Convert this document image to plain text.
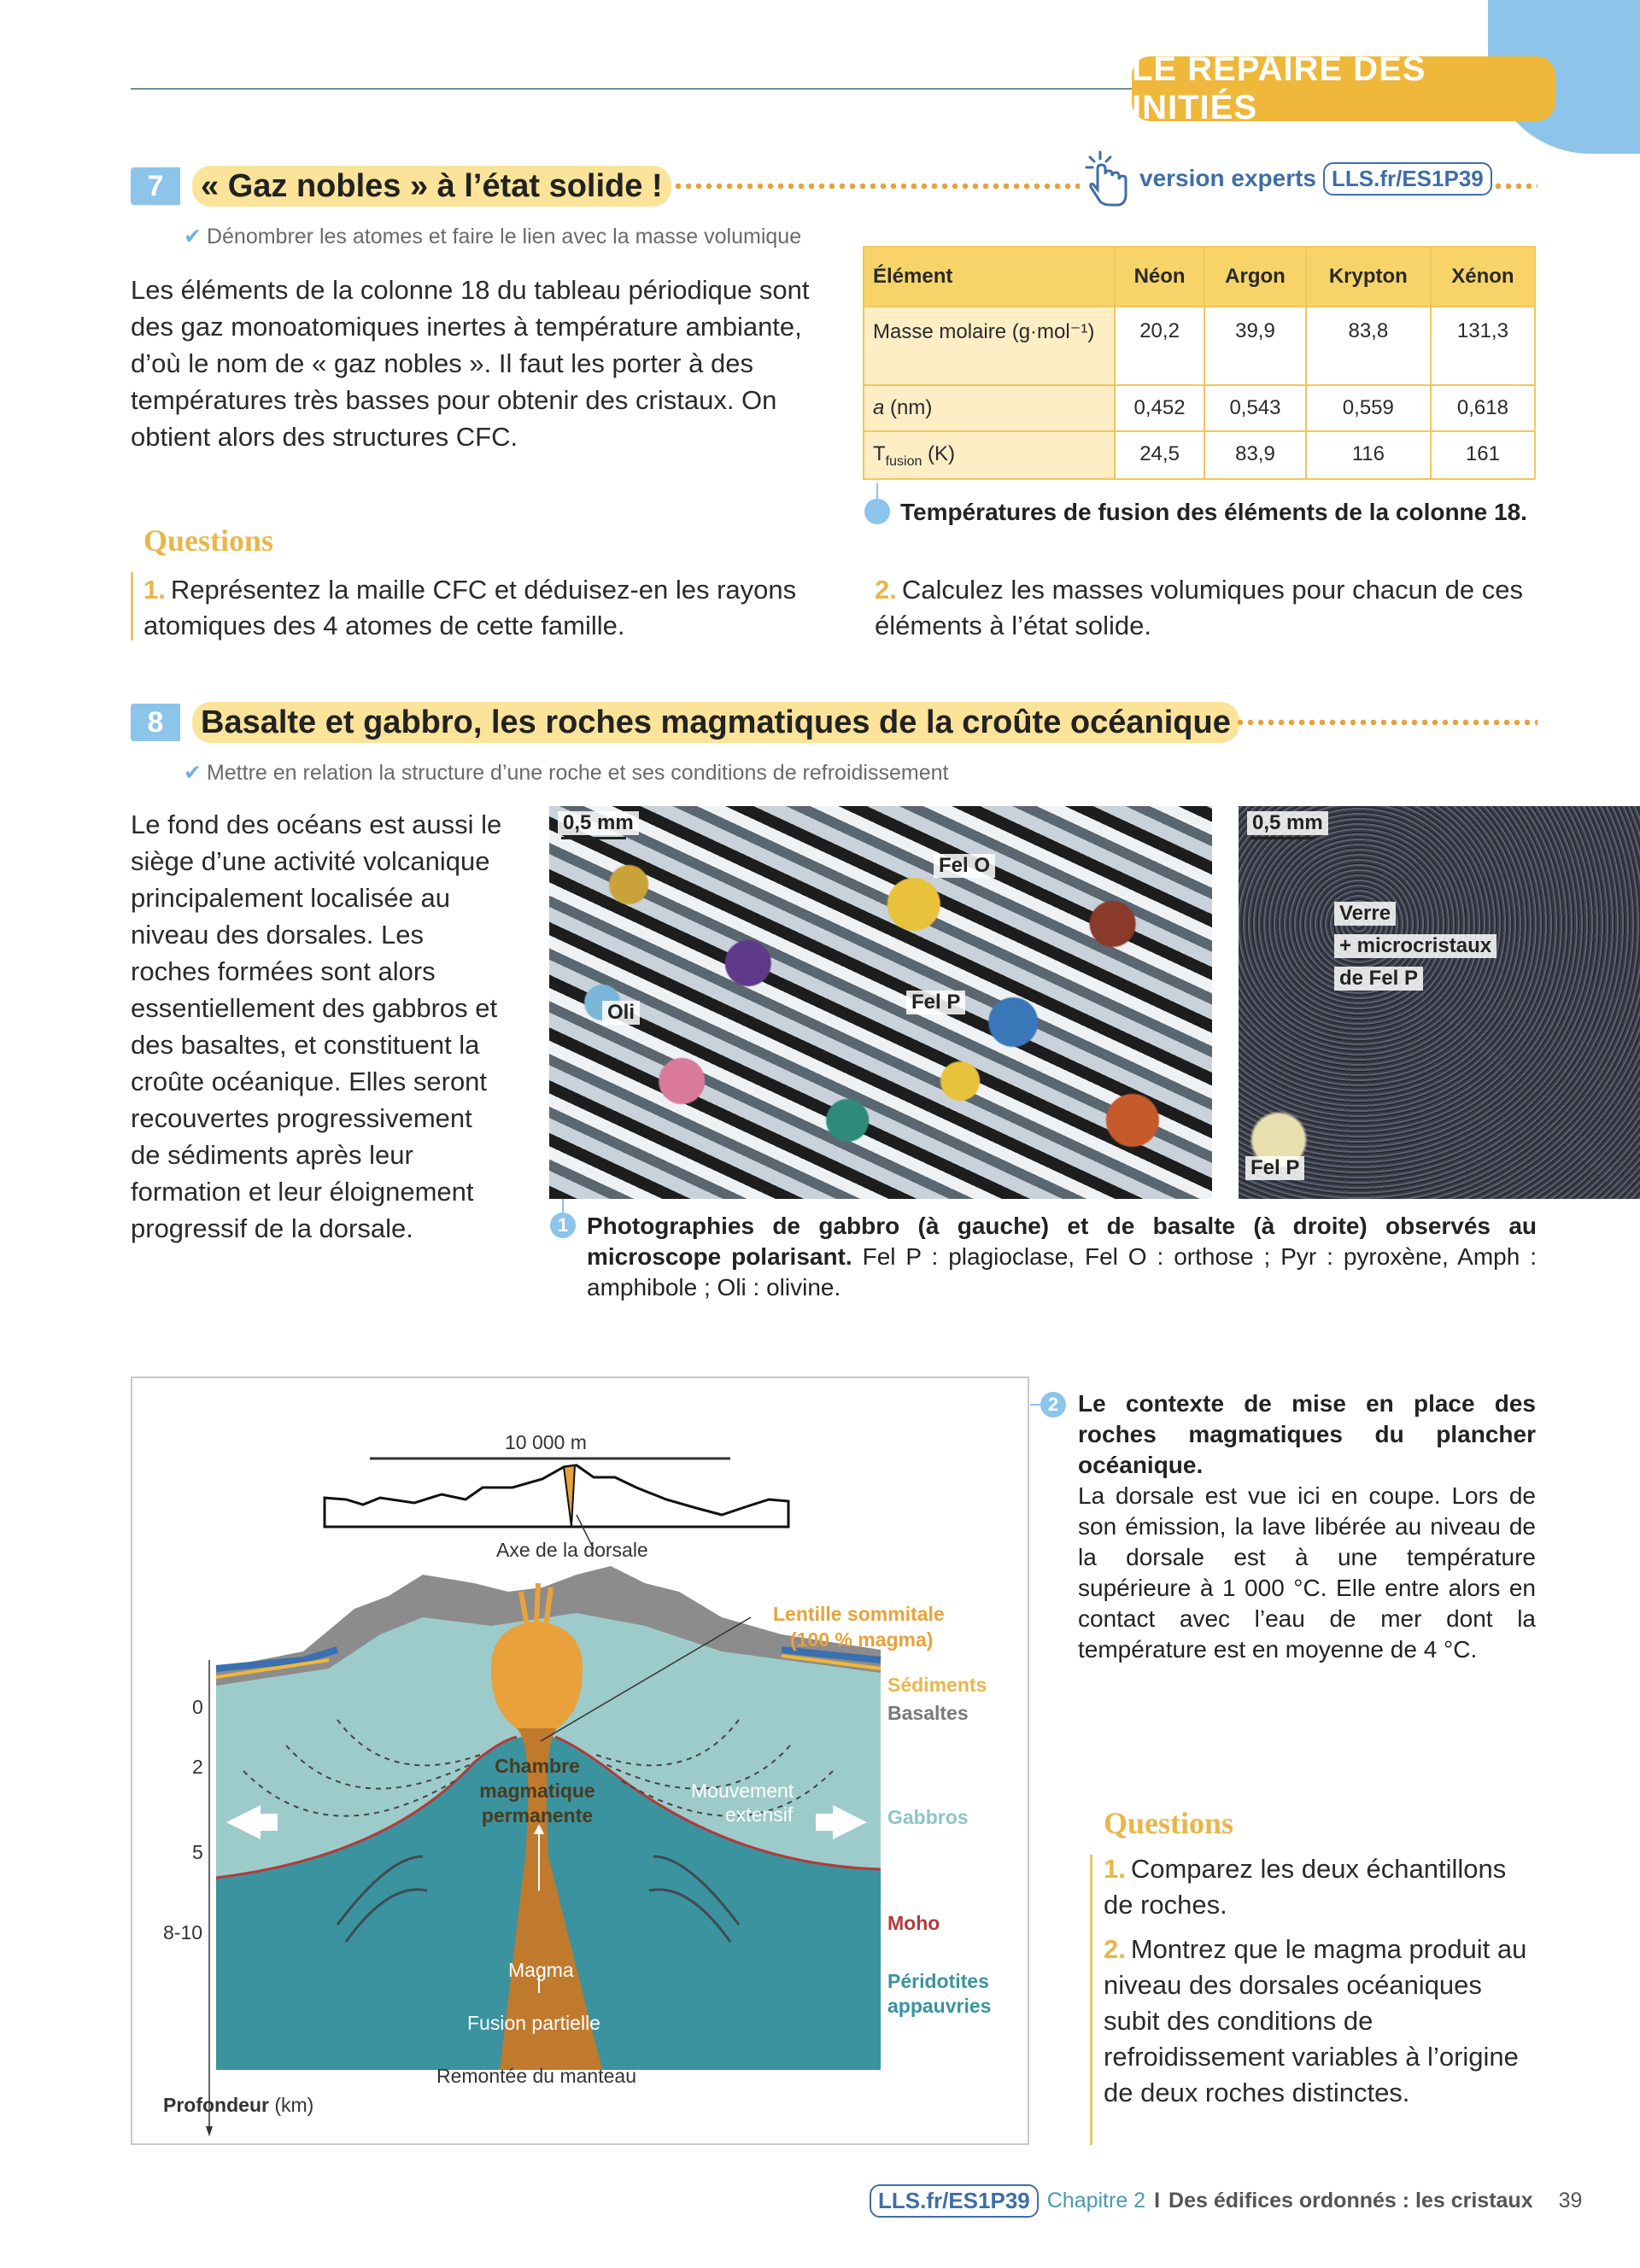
LE REPAIRE DES INITIÉS
7	« Gaz nobles » à l’état solide !	version experts LLS.fr/ES1P39
✔ Dénombrer les atomes et faire le lien avec la masse volumique
Les éléments de la colonne 18 du tableau périodique sont des gaz monoatomiques inertes à température ambiante, d’où le nom de « gaz nobles ». Il faut les porter à des températures très basses pour obtenir des cristaux. On obtient alors des structures CFC.
Élément	Néon	Argon	Krypton	Xénon
Masse molaire (g·mol⁻¹)	20,2	39,9	83,8	131,3
a (nm)	0,452	0,543	0,559	0,618
$T_{fusion}$ (K)	24,5	83,9	116	161
Températures de fusion des éléments de la colonne 18.
Questions
1. Représentez la maille CFC et déduisez-en les rayons atomiques des 4 atomes de cette famille.
2. Calculez les masses volumiques pour chacun de ces éléments à l’état solide.
8	Basalte et gabbro, les roches magmatiques de la croûte océanique
✔ Mettre en relation la structure d’une roche et ses conditions de refroidissement
Le fond des océans est aussi le siège d’une activité volcanique principalement localisée au niveau des dorsales. Les roches formées sont alors essentiellement des gabbros et des basaltes, et constituent la croûte océanique. Elles seront recouvertes progressivement de sédiments après leur formation et leur éloignement progressif de la dorsale.
0,5 mm
Fel O
Fel P
Oli
0,5 mm
Verre
+ microcristaux
de Fel P
Fel P
1 Photographies de gabbro (à gauche) et de basalte (à droite) observés au microscope polarisant. Fel P : plagioclase, Fel O : orthose ; Pyr : pyroxène, Amph : amphibole ; Oli : olivine.
10 000 m
Axe de la dorsale
Lentille sommitale
(100 % magma)
Sédiments
Basaltes
Gabbros
Moho
Péridotites
appauvries
Chambre
magmatique
permanente
Mouvement
extensif
Magma
Fusion partielle
Remontée du manteau
0
2
5
8-10
Profondeur (km)
2 Le contexte de mise en place des roches magmatiques du plancher océanique.
La dorsale est vue ici en coupe. Lors de son émission, la lave libérée au niveau de la dorsale est à une température supérieure à 1 000 °C. Elle entre alors en contact avec l’eau de mer dont la température est en moyenne de 4 °C.
Questions
1. Comparez les deux échantillons de roches.
2. Montrez que le magma produit au niveau des dorsales océaniques subit des conditions de refroidissement variables à l’origine de deux roches distinctes.
LLS.fr/ES1P39 Chapitre 2 I Des édifices ordonnés : les cristaux 39
